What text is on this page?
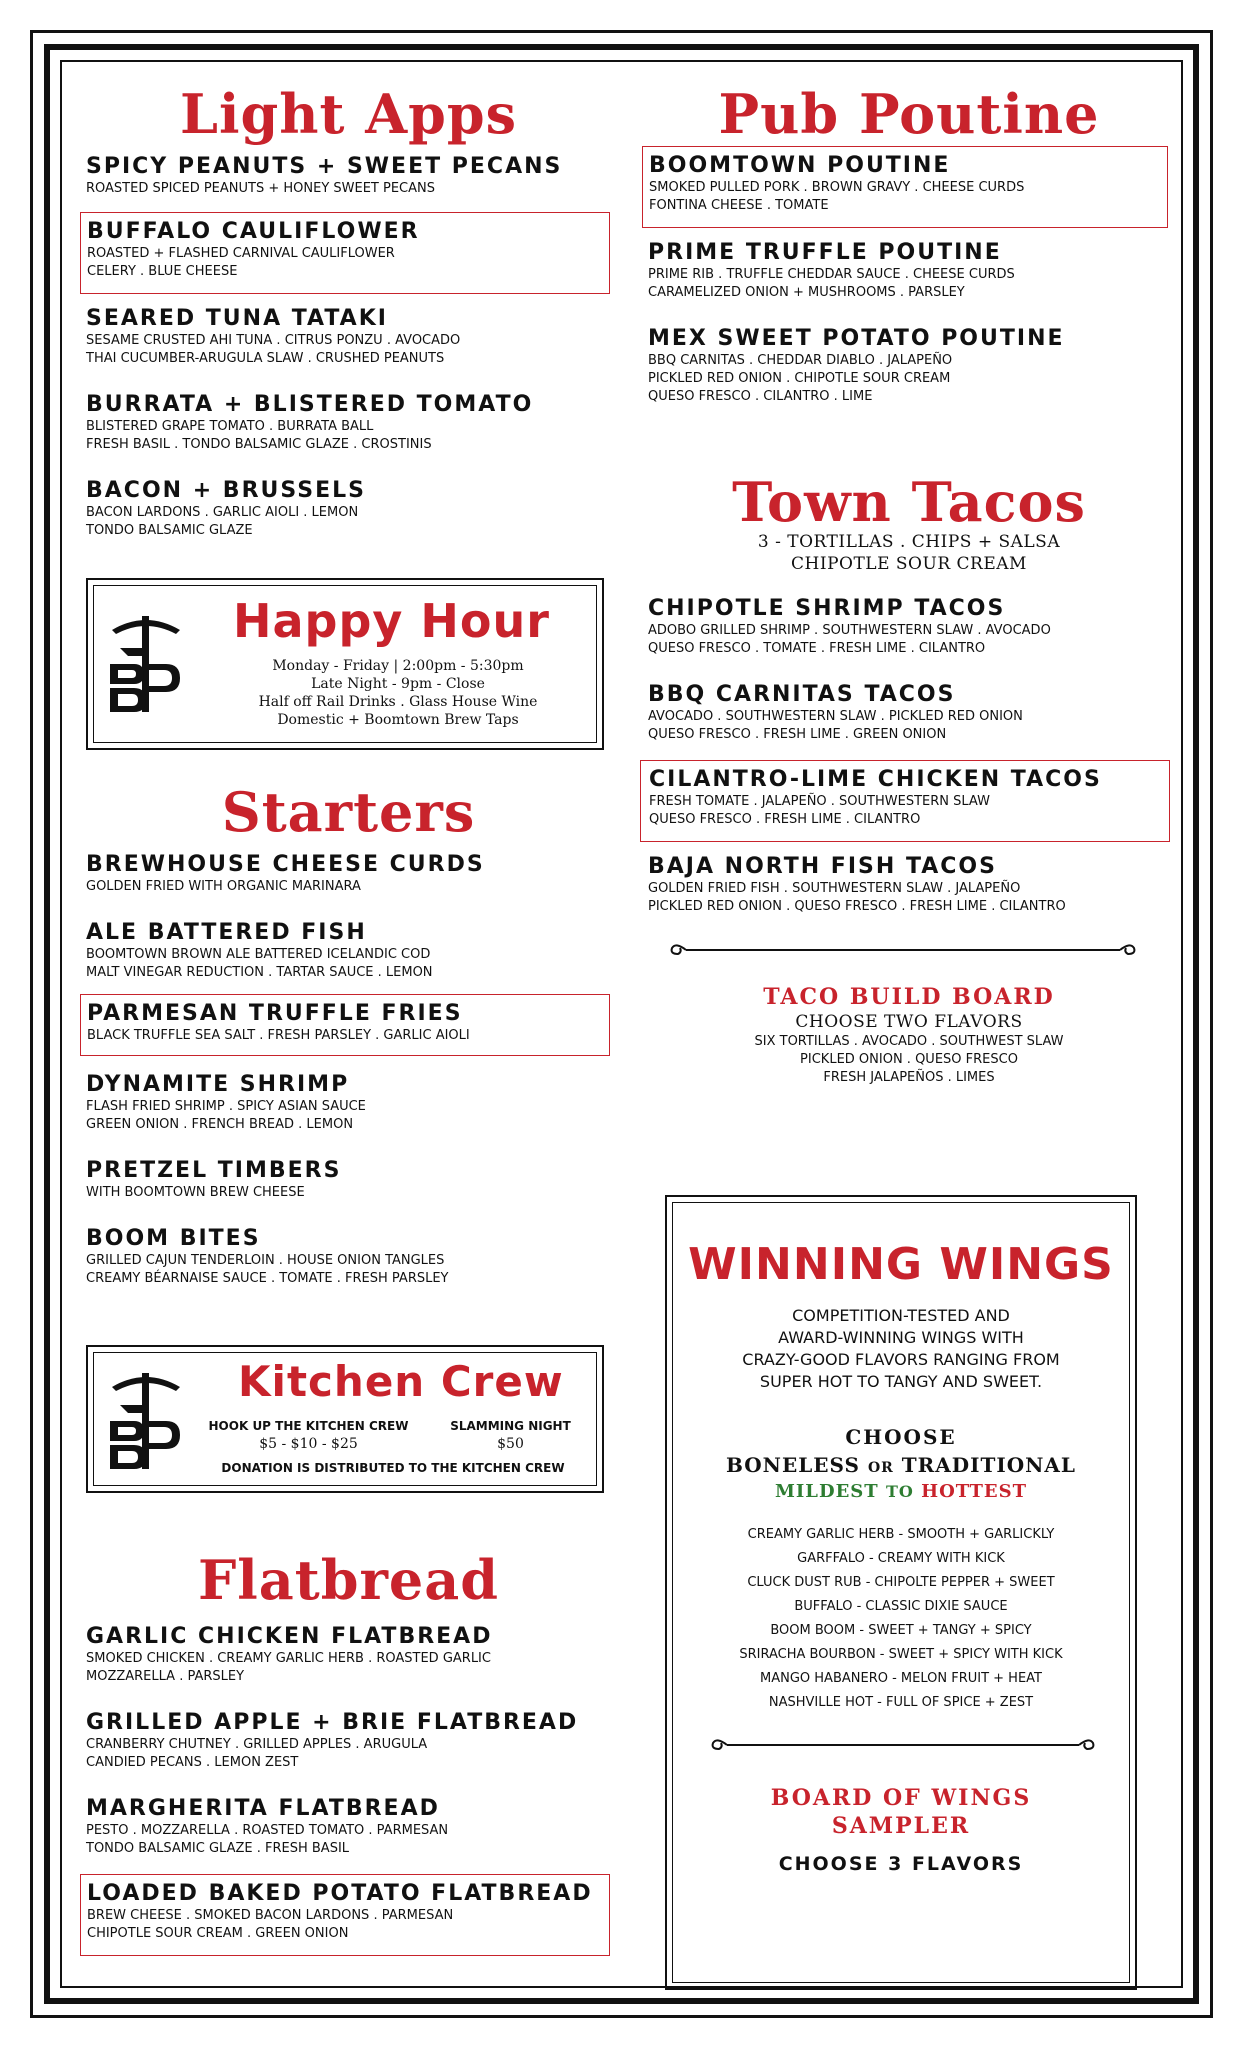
Light Apps
SPICY PEANUTS + SWEET PECANS
ROASTED SPICED PEANUTS + HONEY SWEET PECANS
BUFFALO CAULIFLOWER
ROASTED + FLASHED CARNIVAL CAULIFLOWER
CELERY . BLUE CHEESE
SEARED TUNA TATAKI
SESAME CRUSTED AHI TUNA . CITRUS PONZU . AVOCADO
THAI CUCUMBER-ARUGULA SLAW . CRUSHED PEANUTS
BURRATA + BLISTERED TOMATO
BLISTERED GRAPE TOMATO . BURRATA BALL
FRESH BASIL . TONDO BALSAMIC GLAZE . CROSTINIS
BACON + BRUSSELS
BACON LARDONS . GARLIC AIOLI . LEMON
TONDO BALSAMIC GLAZE
Happy Hour
Monday - Friday | 2:00pm - 5:30pm
Late Night - 9pm - Close
Half off Rail Drinks . Glass House Wine
Domestic + Boomtown Brew Taps
Starters
BREWHOUSE CHEESE CURDS
GOLDEN FRIED WITH ORGANIC MARINARA
ALE BATTERED FISH
BOOMTOWN BROWN ALE BATTERED ICELANDIC COD
MALT VINEGAR REDUCTION . TARTAR SAUCE . LEMON
PARMESAN TRUFFLE FRIES
BLACK TRUFFLE SEA SALT . FRESH PARSLEY . GARLIC AIOLI
DYNAMITE SHRIMP
FLASH FRIED SHRIMP . SPICY ASIAN SAUCE
GREEN ONION . FRENCH BREAD . LEMON
PRETZEL TIMBERS
WITH BOOMTOWN BREW CHEESE
BOOM BITES
GRILLED CAJUN TENDERLOIN . HOUSE ONION TANGLES
CREAMY BÉARNAISE SAUCE . TOMATE . FRESH PARSLEY
Kitchen Crew
HOOK UP THE KITCHEN CREW
$5 - $10 - $25
SLAMMING NIGHT
$50
DONATION IS DISTRIBUTED TO THE KITCHEN CREW
Flatbread
GARLIC CHICKEN FLATBREAD
SMOKED CHICKEN . CREAMY GARLIC HERB . ROASTED GARLIC
MOZZARELLA . PARSLEY
GRILLED APPLE + BRIE FLATBREAD
CRANBERRY CHUTNEY . GRILLED APPLES . ARUGULA
CANDIED PECANS . LEMON ZEST
MARGHERITA FLATBREAD
PESTO . MOZZARELLA . ROASTED TOMATO . PARMESAN
TONDO BALSAMIC GLAZE . FRESH BASIL
LOADED BAKED POTATO FLATBREAD
BREW CHEESE . SMOKED BACON LARDONS . PARMESAN
CHIPOTLE SOUR CREAM . GREEN ONION
Pub Poutine
BOOMTOWN POUTINE
SMOKED PULLED PORK . BROWN GRAVY . CHEESE CURDS
FONTINA CHEESE . TOMATE
PRIME TRUFFLE POUTINE
PRIME RIB . TRUFFLE CHEDDAR SAUCE . CHEESE CURDS
CARAMELIZED ONION + MUSHROOMS . PARSLEY
MEX SWEET POTATO POUTINE
BBQ CARNITAS . CHEDDAR DIABLO . JALAPEÑO
PICKLED RED ONION . CHIPOTLE SOUR CREAM
QUESO FRESCO . CILANTRO . LIME
Town Tacos
3 - TORTILLAS . CHIPS + SALSA
CHIPOTLE SOUR CREAM
CHIPOTLE SHRIMP TACOS
ADOBO GRILLED SHRIMP . SOUTHWESTERN SLAW . AVOCADO
QUESO FRESCO . TOMATE . FRESH LIME . CILANTRO
BBQ CARNITAS TACOS
AVOCADO . SOUTHWESTERN SLAW . PICKLED RED ONION
QUESO FRESCO . FRESH LIME . GREEN ONION
CILANTRO-LIME CHICKEN TACOS
FRESH TOMATE . JALAPEÑO . SOUTHWESTERN SLAW
QUESO FRESCO . FRESH LIME . CILANTRO
BAJA NORTH FISH TACOS
GOLDEN FRIED FISH . SOUTHWESTERN SLAW . JALAPEÑO
PICKLED RED ONION . QUESO FRESCO . FRESH LIME . CILANTRO
TACO BUILD BOARD
CHOOSE TWO FLAVORS
SIX TORTILLAS . AVOCADO . SOUTHWEST SLAW
PICKLED ONION . QUESO FRESCO
FRESH JALAPEÑOS . LIMES
WINNING WINGS
COMPETITION-TESTED AND
AWARD-WINNING WINGS WITH
CRAZY-GOOD FLAVORS RANGING FROM
SUPER HOT TO TANGY AND SWEET.
CHOOSE
BONELESS OR TRADITIONAL
MILDEST TO HOTTEST
CREAMY GARLIC HERB - SMOOTH + GARLICKLY
GARFFALO - CREAMY WITH KICK
CLUCK DUST RUB - CHIPOLTE PEPPER + SWEET
BUFFALO - CLASSIC DIXIE SAUCE
BOOM BOOM - SWEET + TANGY + SPICY
SRIRACHA BOURBON - SWEET + SPICY WITH KICK
MANGO HABANERO - MELON FRUIT + HEAT
NASHVILLE HOT - FULL OF SPICE + ZEST
BOARD OF WINGS
SAMPLER
CHOOSE 3 FLAVORS
